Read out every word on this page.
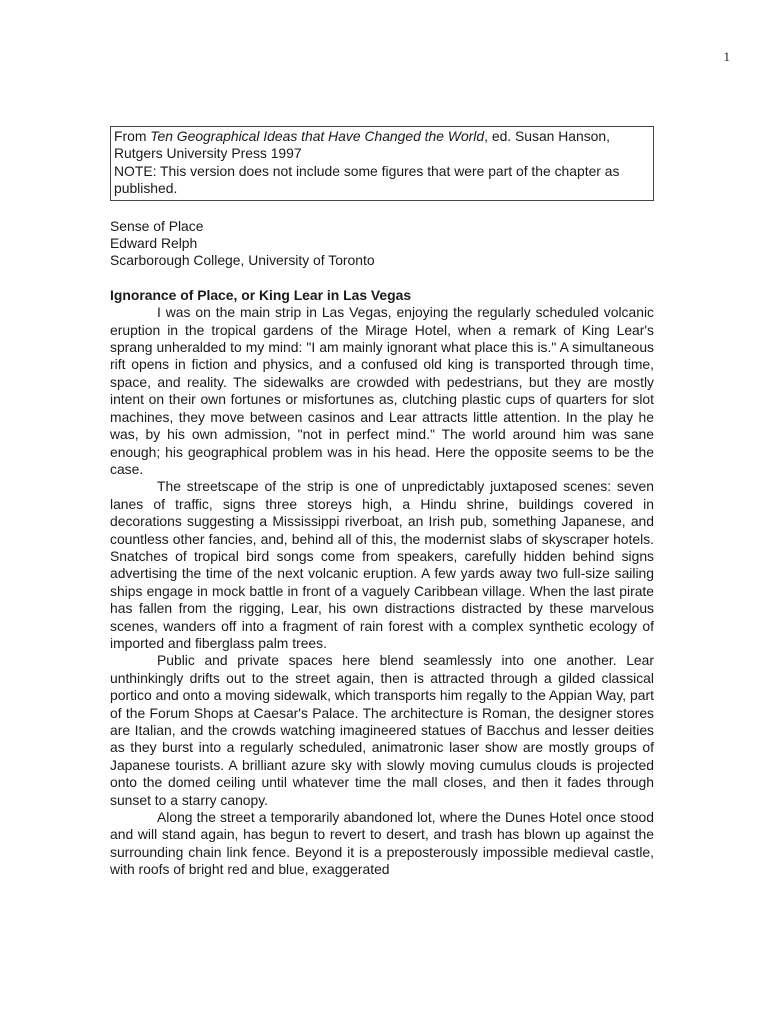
1

From Ten Geographical Ideas that Have Changed the World, ed. Susan Hanson, Rutgers University Press 1997

NOTE: This version does not include some figures that were part of the chapter as published.

Sense of Place

Edward Relph

Scarborough College, University of Toronto

Ignorance of Place, or King Lear in Las Vegas

I was on the main strip in Las Vegas, enjoying the regularly scheduled volcanic eruption in the tropical gardens of the Mirage Hotel, when a remark of King Lear's sprang unheralded to my mind: "I am mainly ignorant what place this is." A simultaneous rift opens in fiction and physics, and a confused old king is transported through time, space, and reality. The sidewalks are crowded with pedestrians, but they are mostly intent on their own fortunes or misfortunes as, clutching plastic cups of quarters for slot machines, they move between casinos and Lear attracts little attention. In the play he was, by his own admission, "not in perfect mind." The world around him was sane enough; his geographical problem was in his head. Here the opposite seems to be the case.

The streetscape of the strip is one of unpredictably juxtaposed scenes: seven lanes of traffic, signs three storeys high, a Hindu shrine, buildings covered in decorations suggesting a Mississippi riverboat, an Irish pub, something Japanese, and countless other fancies, and, behind all of this, the modernist slabs of skyscraper hotels. Snatches of tropical bird songs come from speakers, carefully hidden behind signs advertising the time of the next volcanic eruption. A few yards away two full-size sailing ships engage in mock battle in front of a vaguely Caribbean village. When the last pirate has fallen from the rigging, Lear, his own distractions distracted by these marvelous scenes, wanders off into a fragment of rain forest with a complex synthetic ecology of imported and fiberglass palm trees.

Public and private spaces here blend seamlessly into one another. Lear unthinkingly drifts out to the street again, then is attracted through a gilded classical portico and onto a moving sidewalk, which transports him regally to the Appian Way, part of the Forum Shops at Caesar's Palace. The architecture is Roman, the designer stores are Italian, and the crowds watching imagineered statues of Bacchus and lesser deities as they burst into a regularly scheduled, animatronic laser show are mostly groups of Japanese tourists. A brilliant azure sky with slowly moving cumulus clouds is projected onto the domed ceiling until whatever time the mall closes, and then it fades through sunset to a starry canopy.

Along the street a temporarily abandoned lot, where the Dunes Hotel once stood and will stand again, has begun to revert to desert, and trash has blown up against the surrounding chain link fence. Beyond it is a preposterously impossible medieval castle, with roofs of bright red and blue, exaggerated
